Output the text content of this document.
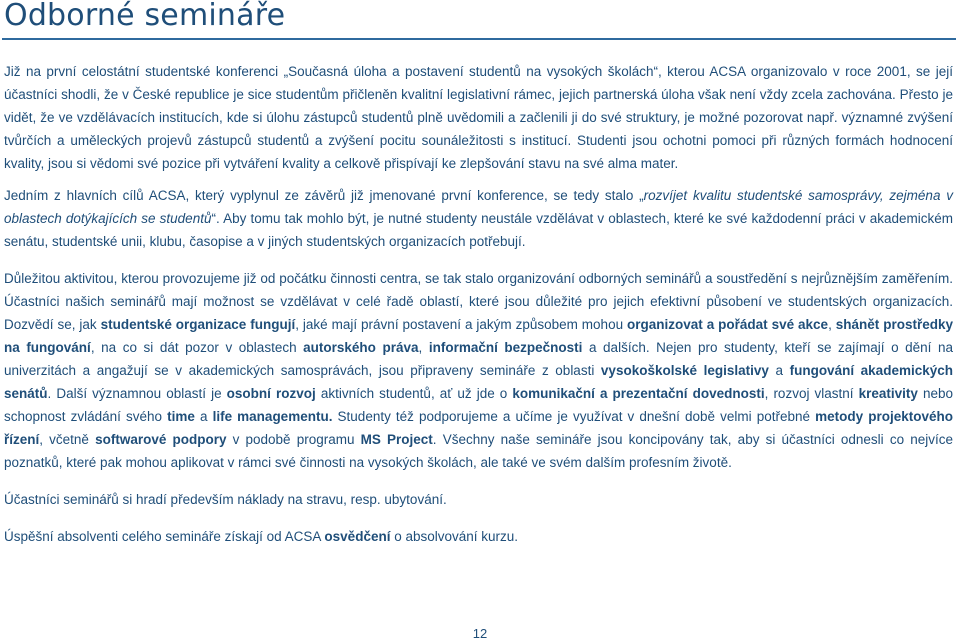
Odborné semináře

Již na první celostátní studentské konferenci „Současná úloha a postavení studentů na vysokých školách“, kterou ACSA organizovalo v roce 2001, se její účastníci shodli, že v České republice je sice studentům přičleněn kvalitní legislativní rámec, jejich partnerská úloha však není vždy zcela zachována. Přesto je vidět, že ve vzdělávacích institucích, kde si úlohu zástupců studentů plně uvědomili a začlenili ji do své struktury, je možné pozorovat např. významné zvýšení tvůrčích a uměleckých projevů zástupců studentů a zvýšení pocitu sounáležitosti s institucí. Studenti jsou ochotni pomoci při různých formách hodnocení kvality, jsou si vědomi své pozice při vytváření kvality a celkově přispívají ke zlepšování stavu na své alma mater.

Jedním z hlavních cílů ACSA, který vyplynul ze závěrů již jmenované první konference, se tedy stalo „rozvíjet kvalitu studentské samosprávy, zejména v oblastech dotýkajících se studentů“. Aby tomu tak mohlo být, je nutné studenty neustále vzdělávat v oblastech, které ke své každodenní práci v akademickém senátu, studentské unii, klubu, časopise a v jiných studentských organizacích potřebují.

Důležitou aktivitou, kterou provozujeme již od počátku činnosti centra, se tak stalo organizování odborných seminářů a soustředění s nejrůznějším zaměřením. Účastníci našich seminářů mají možnost se vzdělávat v celé řadě oblastí, které jsou důležité pro jejich efektivní působení ve studentských organizacích. Dozvědí se, jak studentské organizace fungují, jaké mají právní postavení a jakým způsobem mohou organizovat a pořádat své akce, shánět prostředky na fungování, na co si dát pozor v oblastech autorského práva, informační bezpečnosti a dalších. Nejen pro studenty, kteří se zajímají o dění na univerzitách a angažují se v akademických samosprávách, jsou připraveny semináře z oblasti vysokoškolské legislativy a fungování akademických senátů. Další významnou oblastí je osobní rozvoj aktivních studentů, ať už jde o komunikační a prezentační dovednosti, rozvoj vlastní kreativity nebo schopnost zvládání svého time a life managementu. Studenty též podporujeme a učíme je využívat v dnešní době velmi potřebné metody projektového řízení, včetně softwarové podpory v podobě programu MS Project. Všechny naše semináře jsou koncipovány tak, aby si účastníci odnesli co nejvíce poznatků, které pak mohou aplikovat v rámci své činnosti na vysokých školách, ale také ve svém dalším profesním životě.

Účastníci seminářů si hradí především náklady na stravu, resp. ubytování.

Úspěšní absolventi celého semináře získají od ACSA osvědčení o absolvování kurzu.

12
